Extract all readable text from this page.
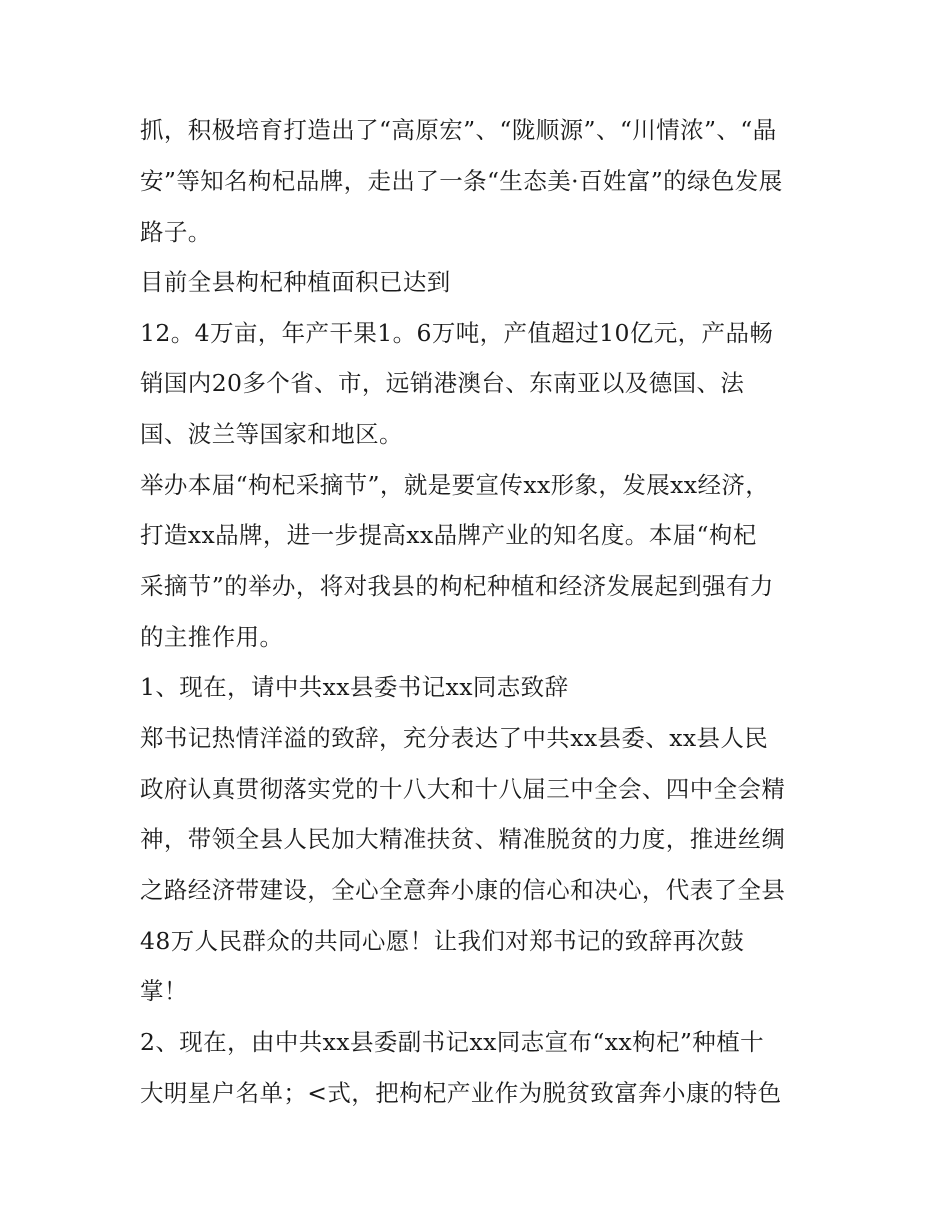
抓，积极培育打造出了“高原宏”、“陇顺源”、“川情浓”、“晶
安”等知名枸杞品牌，走出了一条“生态美·百姓富”的绿色发展
路子。
目前全县枸杞种植面积已达到
12。4万亩，年产干果1。6万吨，产值超过10亿元，产品畅
销国内20多个省、市，远销港澳台、东南亚以及德国、法
国、波兰等国家和地区。
举办本届“枸杞采摘节”，就是要宣传xx形象，发展xx经济，
打造xx品牌，进一步提高xx品牌产业的知名度。本届“枸杞
采摘节”的举办，将对我县的枸杞种植和经济发展起到强有力
的主推作用。
1、现在，请中共xx县委书记xx同志致辞
郑书记热情洋溢的致辞，充分表达了中共xx县委、xx县人民
政府认真贯彻落实党的十八大和十八届三中全会、四中全会精
神，带领全县人民加大精准扶贫、精准脱贫的力度，推进丝绸
之路经济带建设，全心全意奔小康的信心和决心，代表了全县
48万人民群众的共同心愿！让我们对郑书记的致辞再次鼓
掌！
2、现在，由中共xx县委副书记xx同志宣布“xx枸杞”种植十
大明星户名单；<式，把枸杞产业作为脱贫致富奔小康的特色
